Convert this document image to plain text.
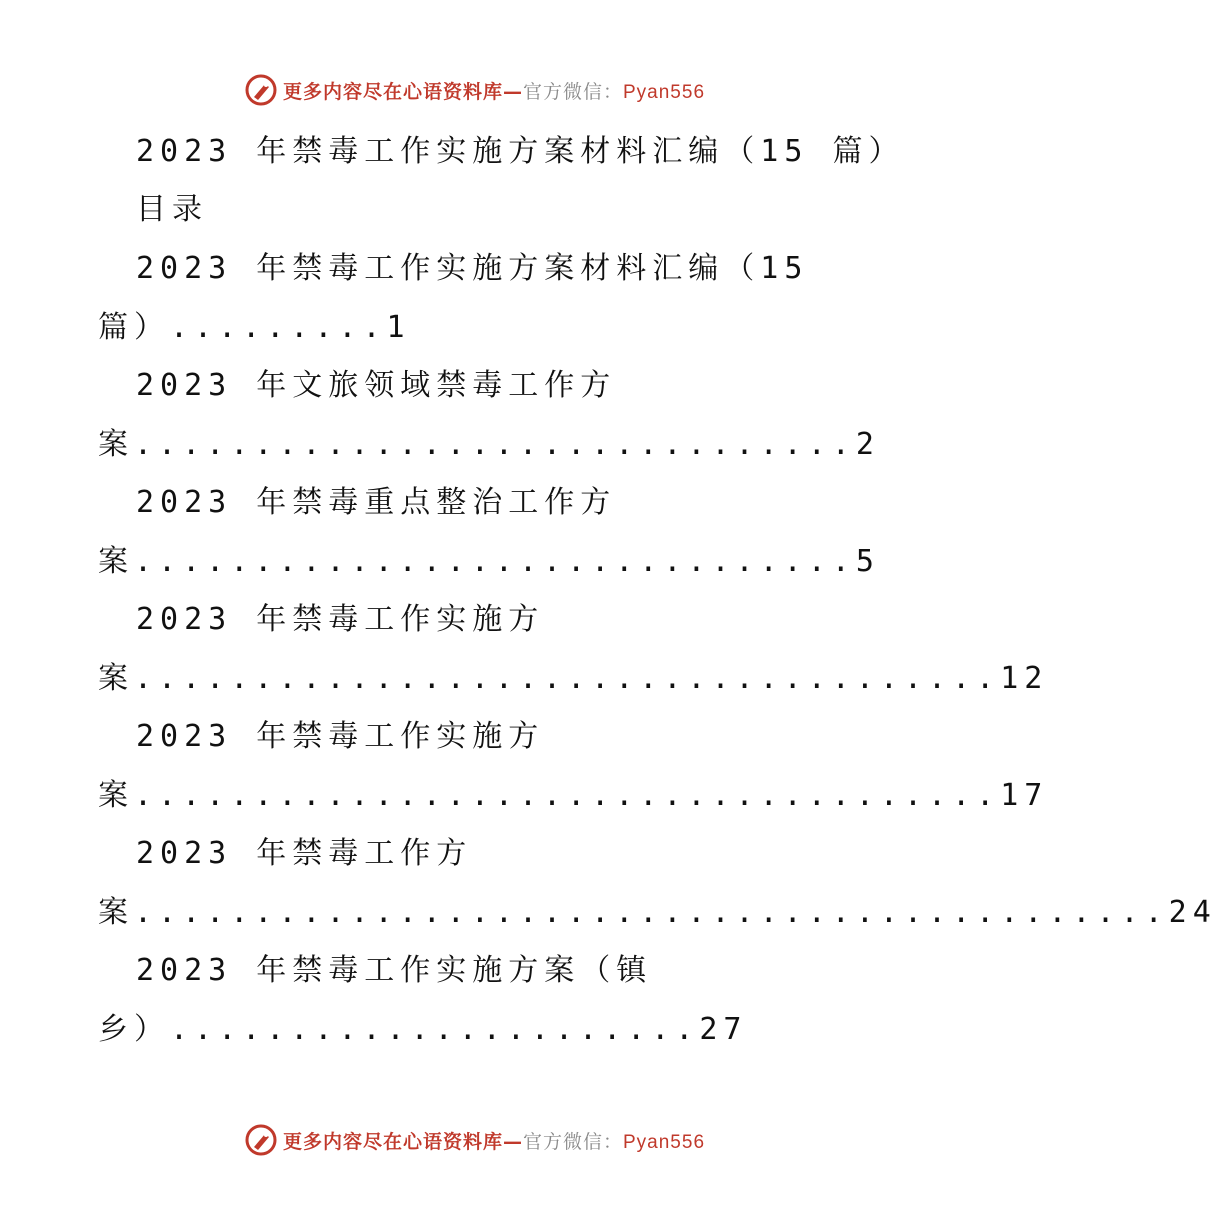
更多内容尽在心语资料库—官方微信：Pyan556
2023 年禁毒工作实施方案材料汇编（15 篇）
目录
2023 年禁毒工作实施方案材料汇编（15
篇）.........1
2023 年文旅领域禁毒工作方
案..............................2
2023 年禁毒重点整治工作方
案..............................5
2023 年禁毒工作实施方
案....................................12
2023 年禁毒工作实施方
案....................................17
2023 年禁毒工作方
案...........................................24
2023 年禁毒工作实施方案（镇
乡）......................27
更多内容尽在心语资料库—官方微信：Pyan556
